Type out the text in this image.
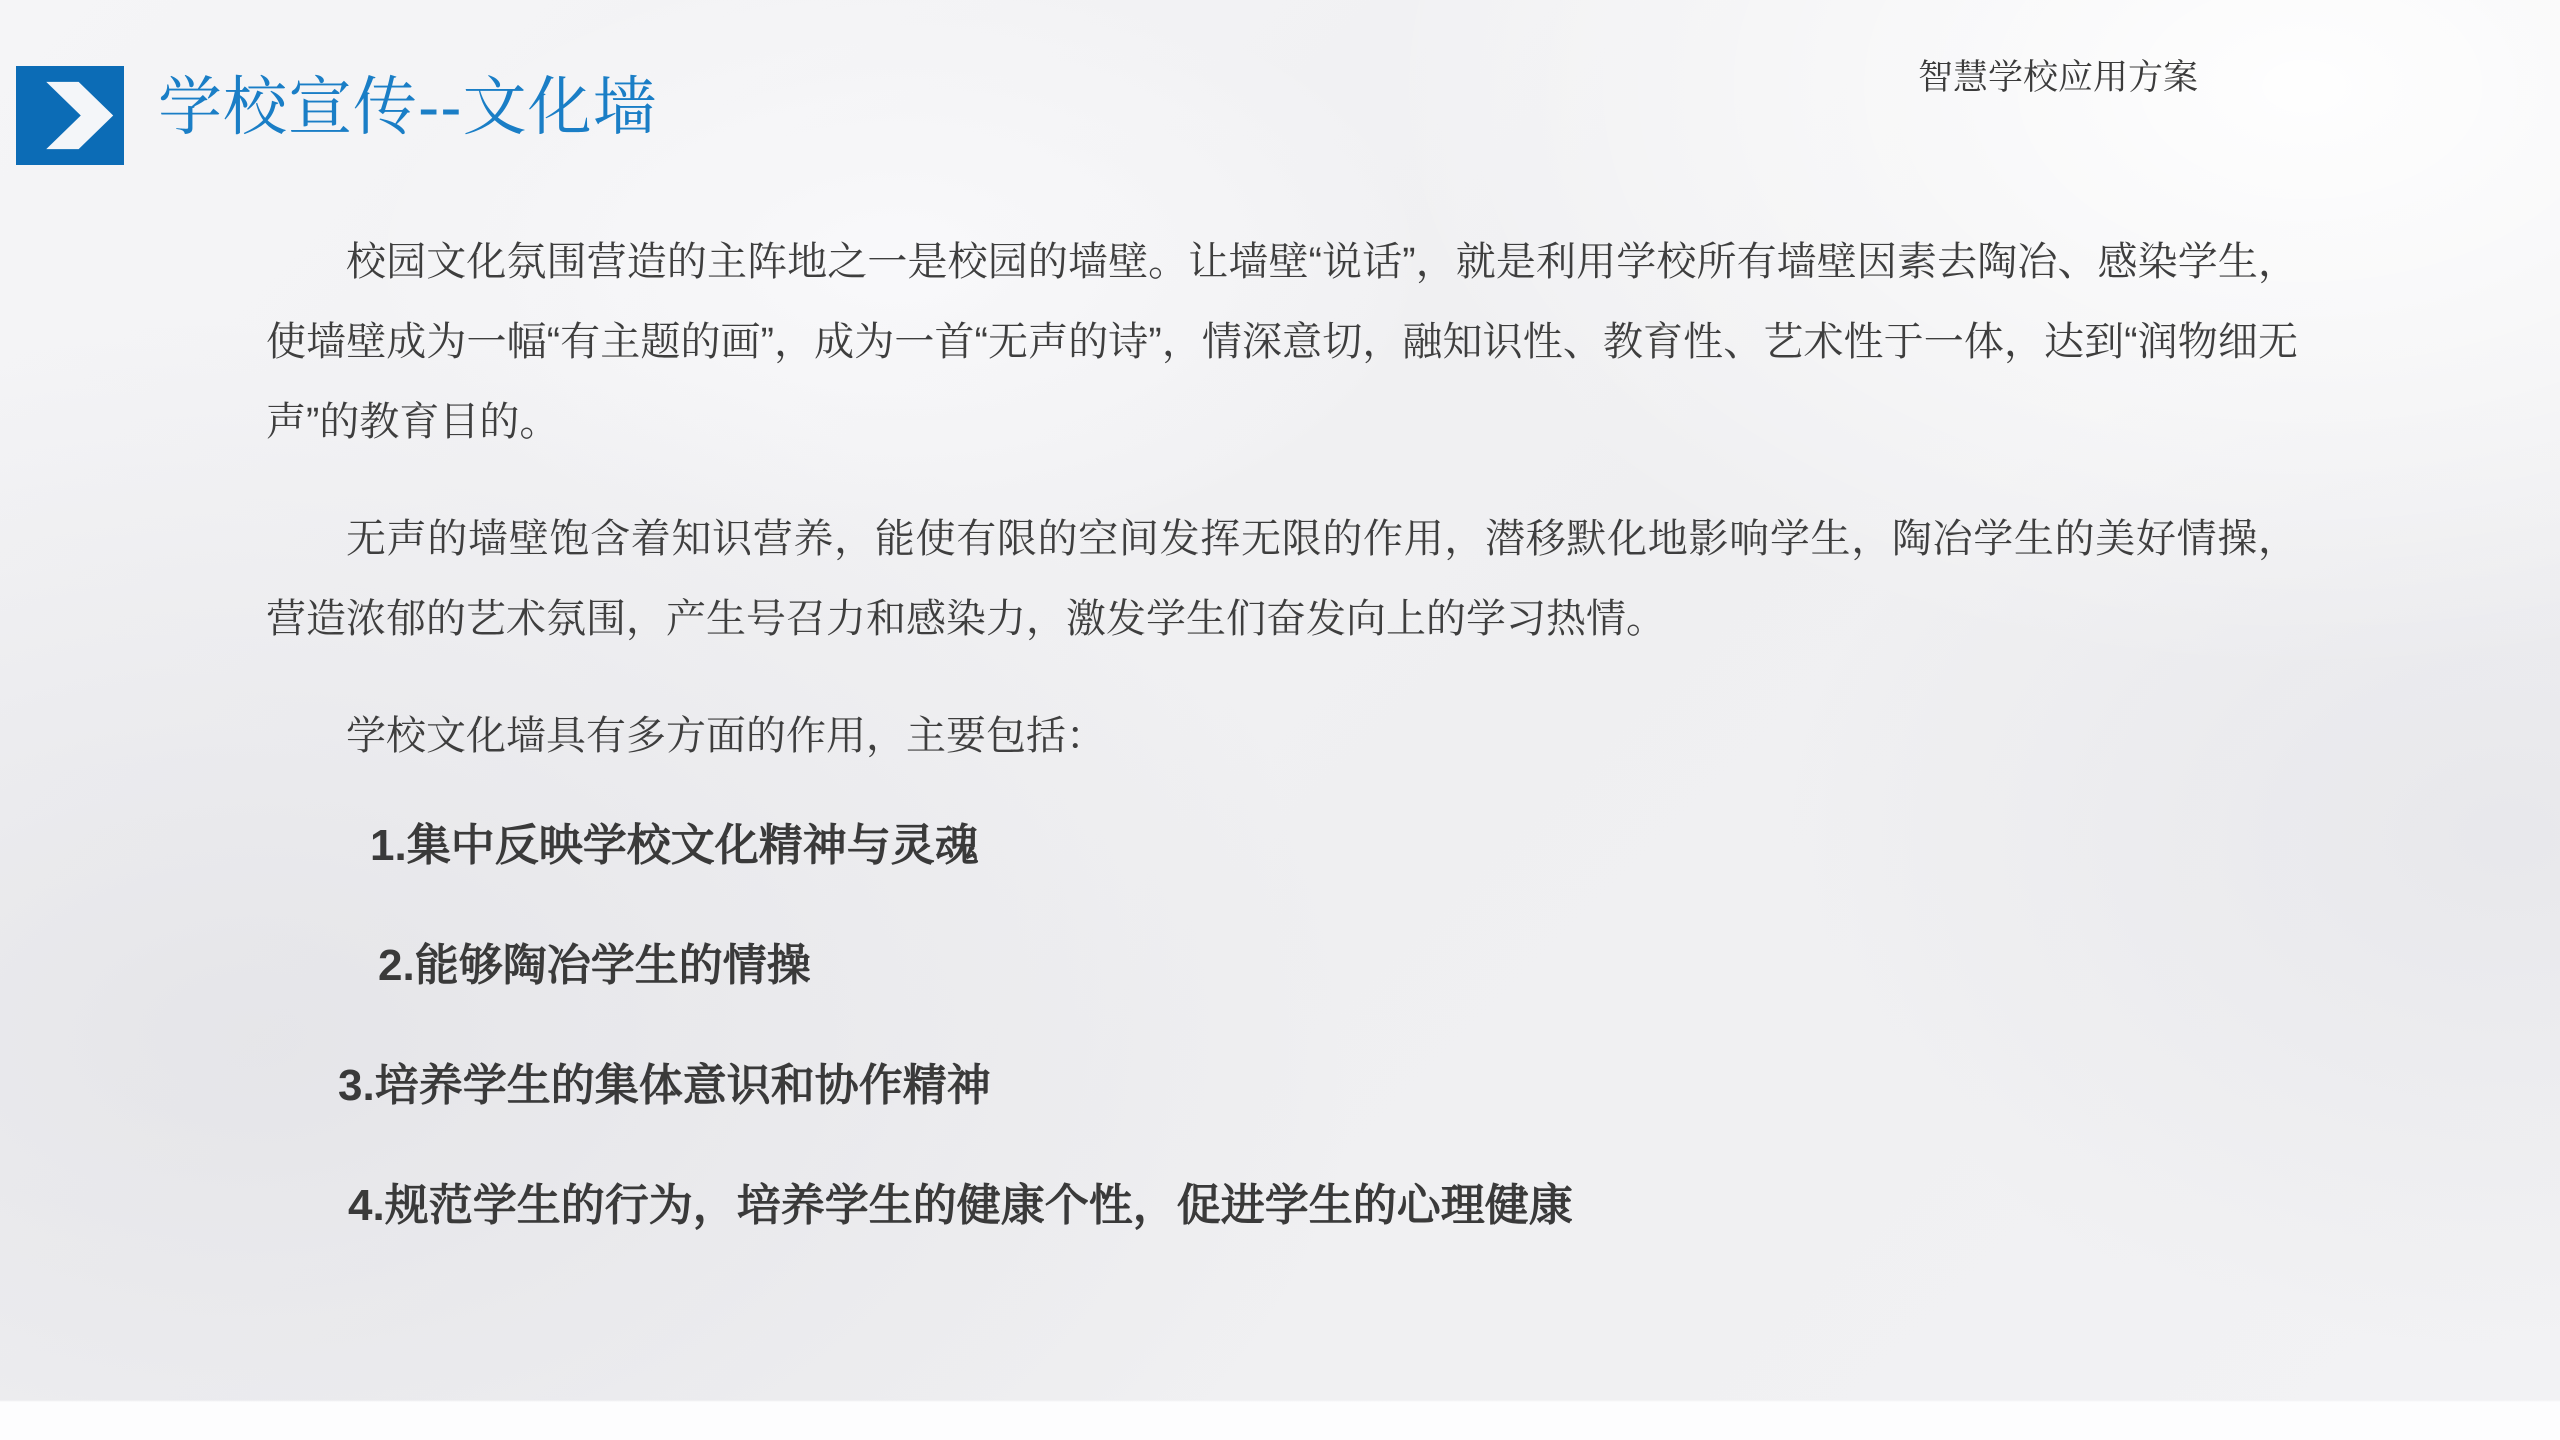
学校宣传--文化墙	智慧学校应用方案

校园文化氛围营造的主阵地之一是校园的墙壁。让墙壁“说话”，就是利用学校所有墙壁因素去陶冶、感染学生，使墙壁成为一幅“有主题的画”，成为一首“无声的诗”，情深意切，融知识性、教育性、艺术性于一体，达到“润物细无声”的教育目的。

无声的墙壁饱含着知识营养，能使有限的空间发挥无限的作用，潜移默化地影响学生，陶冶学生的美好情操，营造浓郁的艺术氛围，产生号召力和感染力，激发学生们奋发向上的学习热情。

学校文化墙具有多方面的作用，主要包括：

1.集中反映学校文化精神与灵魂
2.能够陶冶学生的情操
3.培养学生的集体意识和协作精神
4.规范学生的行为，培养学生的健康个性，促进学生的心理健康
